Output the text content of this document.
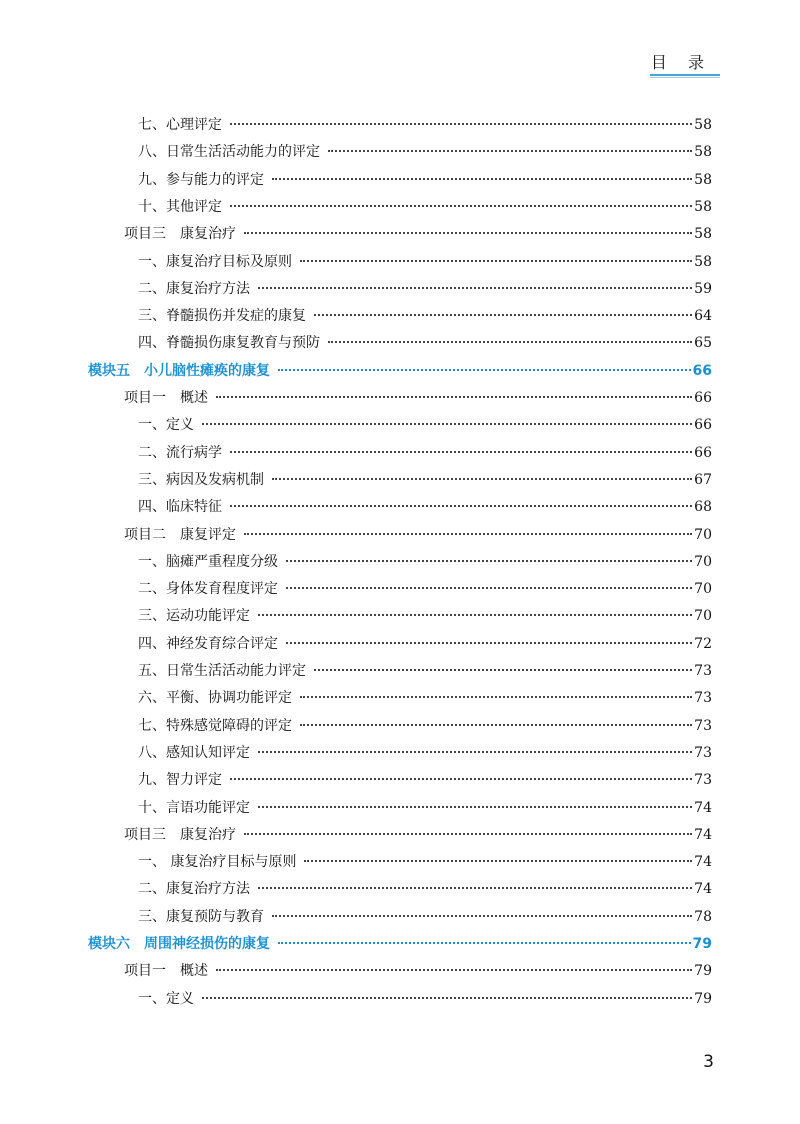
目 录
七、心理评定	58
八、日常生活活动能力的评定	58
九、参与能力的评定	58
十、其他评定	58
项目三　康复治疗	58
一、康复治疗目标及原则	58
二、康复治疗方法	59
三、脊髓损伤并发症的康复	64
四、脊髓损伤康复教育与预防	65
模块五　小儿脑性瘫痪的康复	66
项目一　概述	66
一、定义	66
二、流行病学	66
三、病因及发病机制	67
四、临床特征	68
项目二　康复评定	70
一、脑瘫严重程度分级	70
二、身体发育程度评定	70
三、运动功能评定	70
四、神经发育综合评定	72
五、日常生活活动能力评定	73
六、平衡、协调功能评定	73
七、特殊感觉障碍的评定	73
八、感知认知评定	73
九、智力评定	73
十、言语功能评定	74
项目三　康复治疗	74
一、 康复治疗目标与原则	74
二、康复治疗方法	74
三、康复预防与教育	78
模块六　周围神经损伤的康复	79
项目一　概述	79
一、定义	79
3
